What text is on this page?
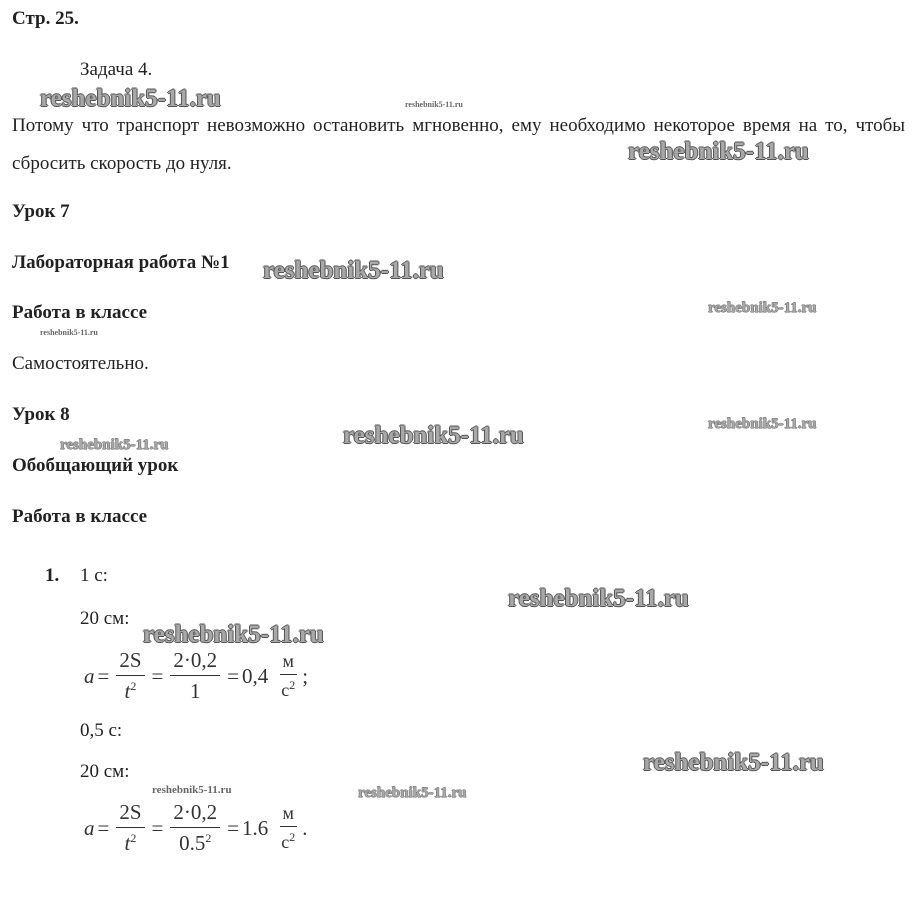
Стр. 25.
Задача 4.
Потому что транспорт невозможно остановить мгновенно, ему необходимо некоторое время на то, чтобы сбросить скорость до нуля.
Урок 7
Лабораторная работа №1
Работа в классе
Самостоятельно.
Урок 8
Обобщающий урок
Работа в классе
1. 1 с:
20 см:
$a = \frac{2S}{t^2} = \frac{2\cdot 0,2}{1} = 0,4 \frac{м}{с^2}$ ;
0,5 с:
20 см:
$a = \frac{2S}{t^2} = \frac{2\cdot 0,2}{0.5^2} = 1.6 \frac{м}{с^2}$ .
reshebnik5-11.ru	reshebnik5-11.ru
reshebnik5-11.ru
reshebnik5-11.ru
reshebnik5-11.ru
reshebnik5-11.ru
reshebnik5-11.ru
reshebnik5-11.ru
reshebnik5-11.ru
reshebnik5-11.ru
reshebnik5-11.ru
reshebnik5-11.ru
reshebnik5-11.ru	reshebnik5-11.ru
